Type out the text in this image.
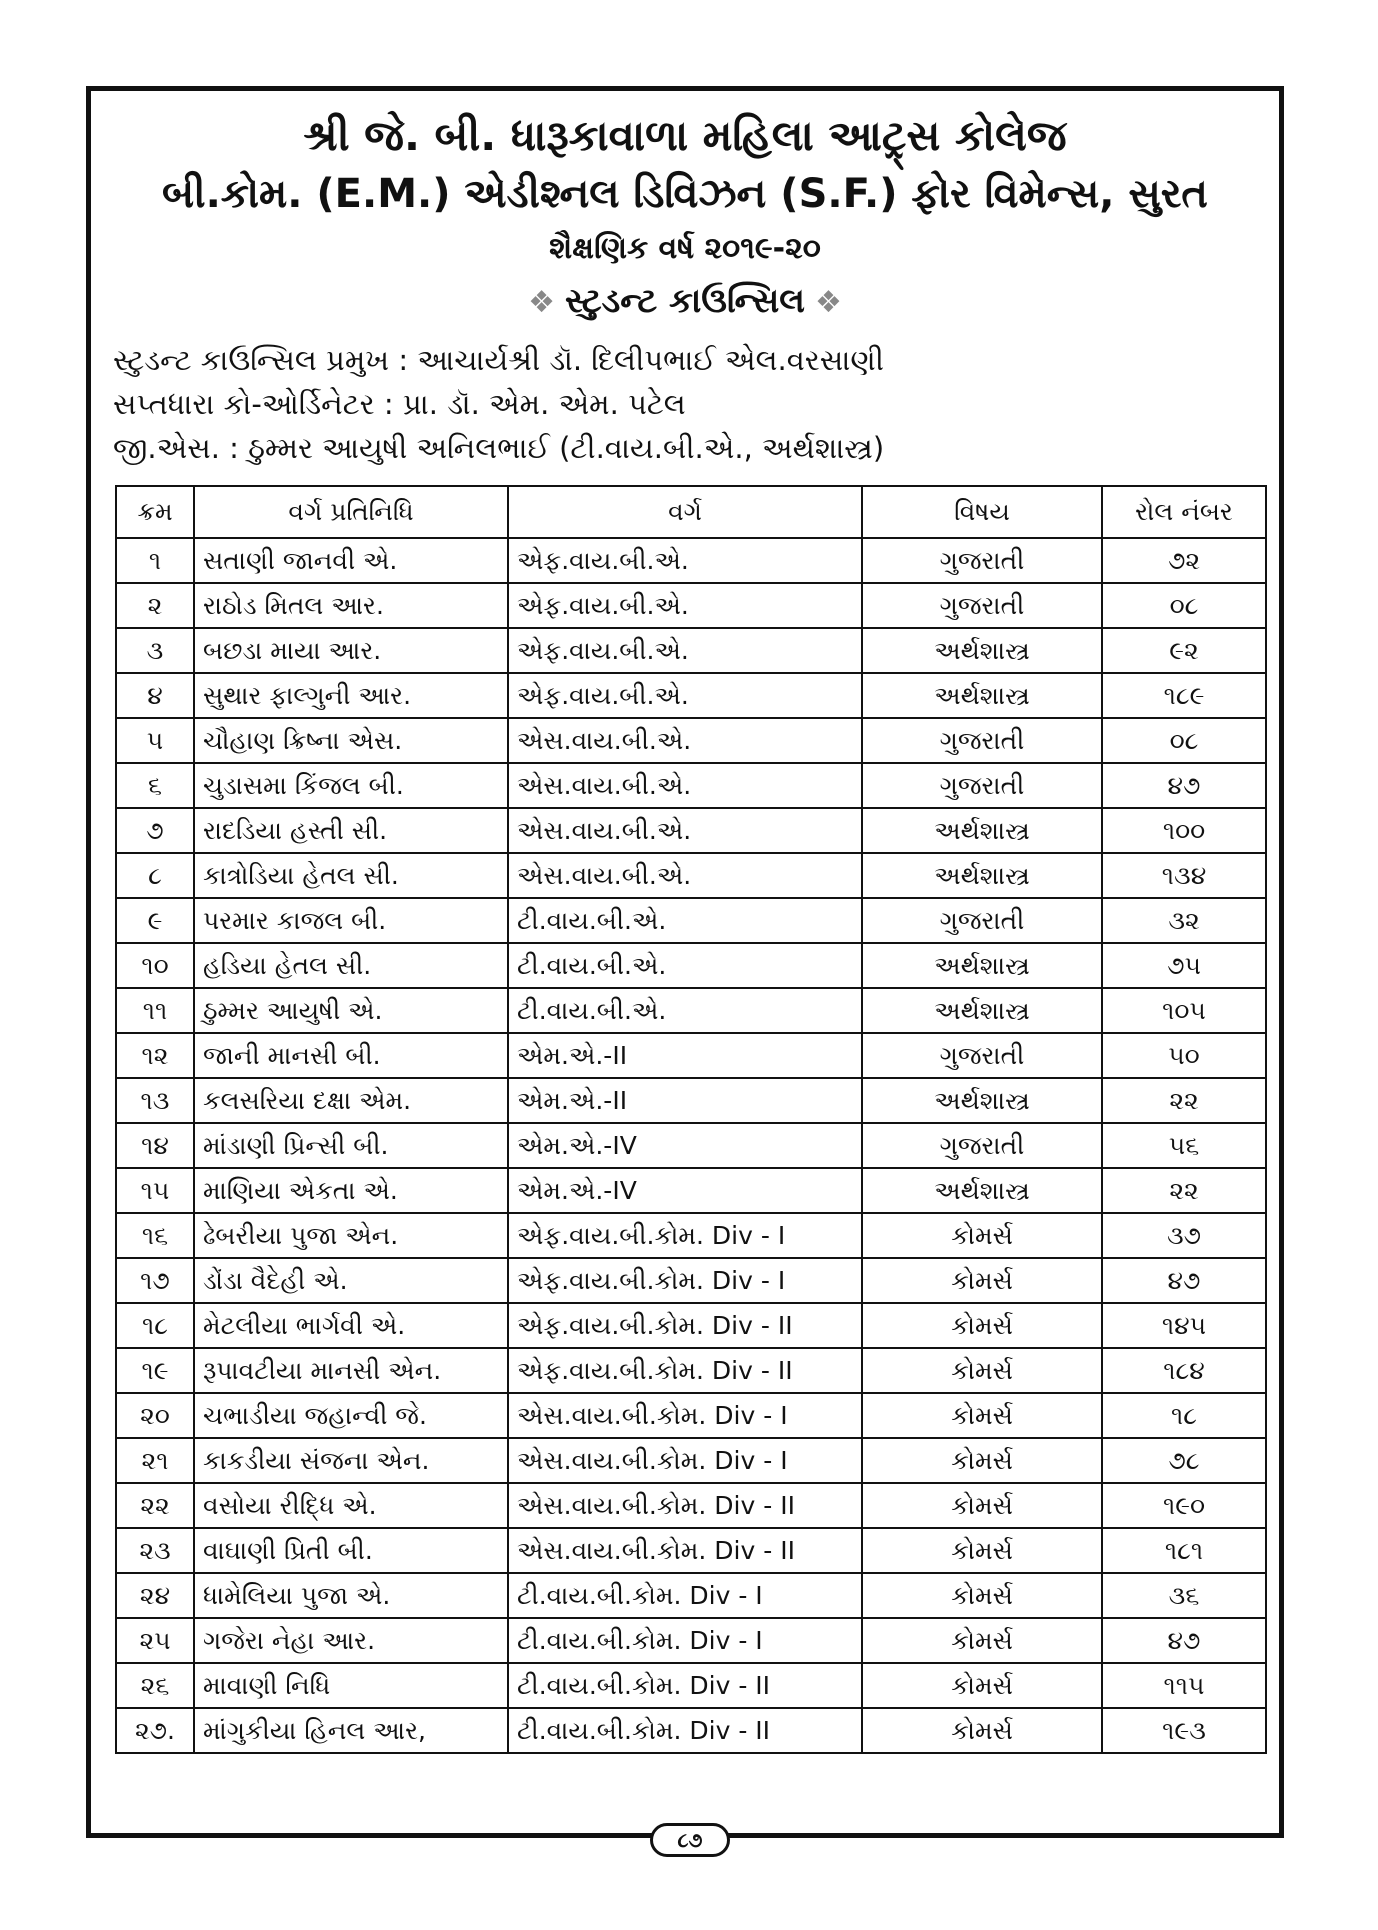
શ્રી જે. બી. ધારૂકાવાળા મહિલા આટ્ર્સ કોલેજ
બી.કોમ. (E.M.) એડીશ્નલ ડિવિઝન (S.F.) ફોર વિમેન્સ, સુરત
શૈક્ષણિક વર્ષ ૨૦૧૯-૨૦
❖ સ્ટુડન્ટ કાઉન્સિલ ❖
સ્ટુડન્ટ કાઉન્સિલ પ્રમુખ : આચાર્યશ્રી ડૉ. દિલીપભાઈ એલ.વરસાણી
સપ્તધારા કો-ઓર્ડિનેટર : પ્રા. ડૉ. એમ. એમ. પટેલ
જી.એસ. : ઠુમ્મર આયુષી અનિલભાઈ (ટી.વાય.બી.એ., અર્થશાસ્ત્ર)
ક્રમ	વર્ગ પ્રતિનિધિ	વર્ગ	વિષય	રોલ નંબર
૧	સતાણી જાનવી એ.	એફ.વાય.બી.એ.	ગુજરાતી	૭૨
૨	રાઠોડ મિતલ આર.	એફ.વાય.બી.એ.	ગુજરાતી	૦૮
૩	બછડા માયા આર.	એફ.વાય.બી.એ.	અર્થશાસ્ત્ર	૯૨
૪	સુથાર ફાલ્ગુની આર.	એફ.વાય.બી.એ.	અર્થશાસ્ત્ર	૧૮૯
૫	ચૌહાણ ક્રિષ્ના એસ.	એસ.વાય.બી.એ.	ગુજરાતી	૦૮
૬	ચુડાસમા કિંજલ બી.	એસ.વાય.બી.એ.	ગુજરાતી	૪૭
૭	રાદડિયા હસ્તી સી.	એસ.વાય.બી.એ.	અર્થશાસ્ત્ર	૧૦૦
૮	કાત્રોડિયા હેતલ સી.	એસ.વાય.બી.એ.	અર્થશાસ્ત્ર	૧૩૪
૯	પરમાર કાજલ બી.	ટી.વાય.બી.એ.	ગુજરાતી	૩૨
૧૦	હડિયા હેતલ સી.	ટી.વાય.બી.એ.	અર્થશાસ્ત્ર	૭૫
૧૧	ઠુમ્મર આયુષી એ.	ટી.વાય.બી.એ.	અર્થશાસ્ત્ર	૧૦૫
૧૨	જાની માનસી બી.	એમ.એ.-II	ગુજરાતી	૫૦
૧૩	કલસરિયા દક્ષા એમ.	એમ.એ.-II	અર્થશાસ્ત્ર	૨૨
૧૪	માંડાણી પ્રિન્સી બી.	એમ.એ.-IV	ગુજરાતી	૫૬
૧૫	માણિયા એકતા એ.	એમ.એ.-IV	અર્થશાસ્ત્ર	૨૨
૧૬	ઢેબરીયા પુજા એન.	એફ.વાય.બી.કોમ. Div - I	કોમર્સ	૩૭
૧૭	ડોંડા વૈદેહી એ.	એફ.વાય.બી.કોમ. Div - I	કોમર્સ	૪૭
૧૮	મેટલીયા ભાર્ગવી એ.	એફ.વાય.બી.કોમ. Div - II	કોમર્સ	૧૪૫
૧૯	રૂપાવટીયા માનસી એન.	એફ.વાય.બી.કોમ. Div - II	કોમર્સ	૧૮૪
૨૦	ચભાડીયા જહાન્વી જે.	એસ.વાય.બી.કોમ. Div - I	કોમર્સ	૧૮
૨૧	કાકડીયા સંજના એન.	એસ.વાય.બી.કોમ. Div - I	કોમર્સ	૭૮
૨૨	વસોયા રીદ્ધિ એ.	એસ.વાય.બી.કોમ. Div - II	કોમર્સ	૧૯૦
૨૩	વાઘાણી પ્રિતી બી.	એસ.વાય.બી.કોમ. Div - II	કોમર્સ	૧૮૧
૨૪	ધામેલિયા પુજા એ.	ટી.વાય.બી.કોમ. Div - I	કોમર્સ	૩૬
૨૫	ગજેરા નેહા આર.	ટી.વાય.બી.કોમ. Div - I	કોમર્સ	૪૭
૨૬	માવાણી નિધિ	ટી.વાય.બી.કોમ. Div - II	કોમર્સ	૧૧૫
૨૭.	માંગુકીયા હિનલ આર,	ટી.વાય.બી.કોમ. Div - II	કોમર્સ	૧૯૩
૮૭
